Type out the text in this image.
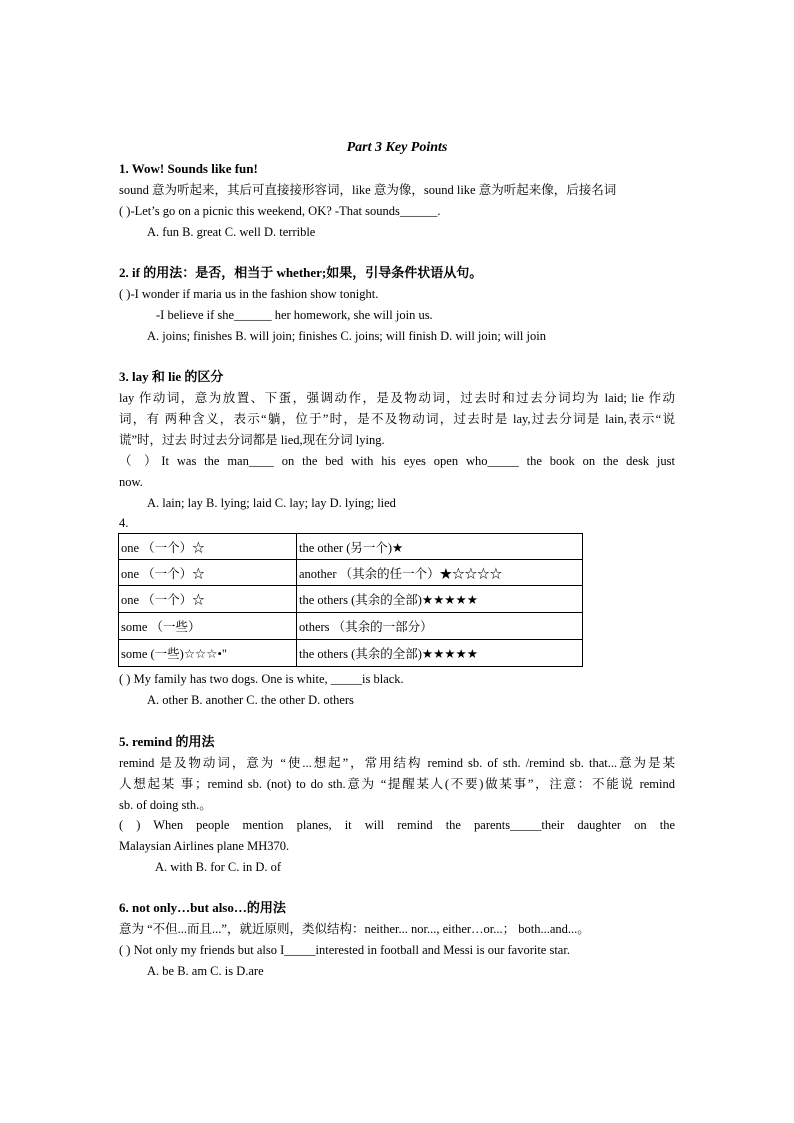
Part 3 Key Points
1. Wow! Sounds like fun!
sound 意为听起来，其后可直接接形容词，like 意为像，sound like 意为听起来像，后接名词
( )-Let’s go on a picnic this weekend, OK? -That sounds______.
A. fun B. great C. well D. terrible
2. if 的用法：是否，相当于 whether;如果，引导条件状语从句。
( )-I wonder if maria us in the fashion show tonight.
-I believe if she______ her homework, she will join us.
A. joins; finishes B. will join; finishes C. joins; will finish D. will join; will join
3. lay 和 lie 的区分
lay 作动词，意为放置、下蛋，强调动作，是及物动词，过去时和过去分词均为 laid; lie 作动
词，有 两种含义，表示“躺，位于”时，是不及物动词，过去时是 lay,过去分词是 lain,表示“说
谎”时，过去 时过去分词都是 lied,现在分词 lying.
（ ）It was the man____ on the bed with his eyes open who_____ the book on the desk just
now.
A. lain; lay B. lying; laid C. lay; lay D. lying; lied
4.
one （一个）☆	the other (另一个)★
one （一个）☆	another （其余的任一个）★☆☆☆☆
one （一个）☆	the others (其余的全部)★★★★★
some （一些）	others （其余的一部分）
some (一些)☆☆☆•"	the others (其余的全部)★★★★★
( ) My family has two dogs. One is white, _____is black.
A. other B. another C. the other D. others
5. remind 的用法
remind 是及物动词，意为 “使...想起”，常用结构 remind sb. of sth. /remind sb. that...意为是某
人想起某 事；remind sb. (not) to do sth.意为 “提醒某人(不要)做某事”，注意：不能说 remind
sb. of doing sth.。
( ) When people mention planes, it will remind the parents_____their daughter on the
Malaysian Airlines plane MH370.
A. with B. for C. in D. of
6. not only…but also…的用法
意为 “不但...而且...”，就近原则，类似结构：neither... nor..., either…or...； both...and...。
( ) Not only my friends but also I_____interested in football and Messi is our favorite star.
A. be B. am C. is D.are
